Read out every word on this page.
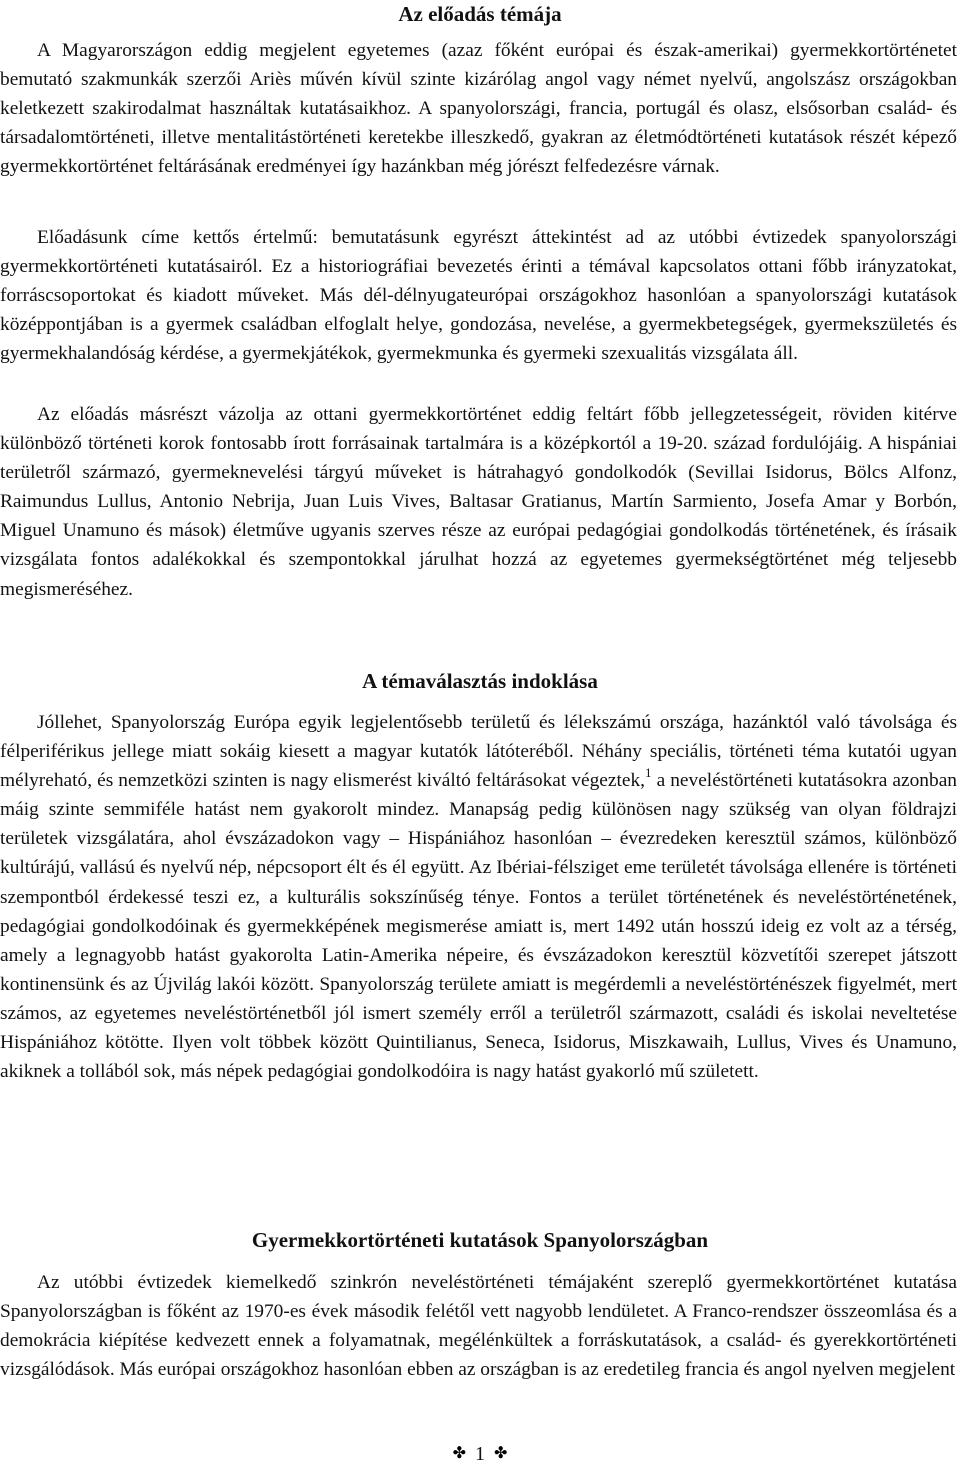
Az előadás témája

A Magyarországon eddig megjelent egyetemes (azaz főként európai és észak-amerikai) gyermekkortörténetet bemutató szakmunkák szerzői Ariès művén kívül szinte kizárólag angol vagy német nyelvű, angolszász országokban keletkezett szakirodalmat használtak kutatásaikhoz. A spanyolországi, francia, portugál és olasz, elsősorban család- és társadalomtörténeti, illetve mentalitástörténeti keretekbe illeszkedő, gyakran az életmódtörténeti kutatások részét képező gyermekkortörténet feltárásának eredményei így hazánkban még jórészt felfedezésre várnak.

Előadásunk címe kettős értelmű: bemutatásunk egyrészt áttekintést ad az utóbbi évtizedek spanyolországi gyermekkortörténeti kutatásairól. Ez a historiográfiai bevezetés érinti a témával kapcsolatos ottani főbb irányzatokat, forráscsoportokat és kiadott műveket. Más dél-délnyugateurópai országokhoz hasonlóan a spanyolországi kutatások középpontjában is a gyermek családban elfoglalt helye, gondozása, nevelése, a gyermekbetegségek, gyermekszületés és gyermekhalandóság kérdése, a gyermekjátékok, gyermekmunka és gyermeki szexualitás vizsgálata áll.

Az előadás másrészt vázolja az ottani gyermekkortörténet eddig feltárt főbb jellegzetességeit, röviden kitérve különböző történeti korok fontosabb írott forrásainak tartalmára is a középkortól a 19-20. század fordulójáig. A hispániai területről származó, gyermeknevelési tárgyú műveket is hátrahagyó gondolkodók (Sevillai Isidorus, Bölcs Alfonz, Raimundus Lullus, Antonio Nebrija, Juan Luis Vives, Baltasar Gratianus, Martín Sarmiento, Josefa Amar y Borbón, Miguel Unamuno és mások) életműve ugyanis szerves része az európai pedagógiai gondolkodás történetének, és írásaik vizsgálata fontos adalékokkal és szempontokkal járulhat hozzá az egyetemes gyermekségtörténet még teljesebb megismeréséhez.

A témaválasztás indoklása

Jóllehet, Spanyolország Európa egyik legjelentősebb területű és lélekszámú országa, hazánktól való távolsága és félperiférikus jellege miatt sokáig kiesett a magyar kutatók látóteréből. Néhány speciális, történeti téma kutatói ugyan mélyreható, és nemzetközi szinten is nagy elismerést kiváltó feltárásokat végeztek,$^1$ a neveléstörténeti kutatásokra azonban máig szinte semmiféle hatást nem gyakorolt mindez. Manapság pedig különösen nagy szükség van olyan földrajzi területek vizsgálatára, ahol évszázadokon vagy – Hispániához hasonlóan – évezredeken keresztül számos, különböző kultúrájú, vallású és nyelvű nép, népcsoport élt és él együtt. Az Ibériai-félsziget eme területét távolsága ellenére is történeti szempontból érdekessé teszi ez, a kulturális sokszínűség ténye. Fontos a terület történetének és neveléstörténetének, pedagógiai gondolkodóinak és gyermekképének megismerése amiatt is, mert 1492 után hosszú ideig ez volt az a térség, amely a legnagyobb hatást gyakorolta Latin-Amerika népeire, és évszázadokon keresztül közvetítői szerepet játszott kontinensünk és az Újvilág lakói között. Spanyolország területe amiatt is megérdemli a neveléstörténészek figyelmét, mert számos, az egyetemes neveléstörténetből jól ismert személy erről a területről származott, családi és iskolai neveltetése Hispániához kötötte. Ilyen volt többek között Quintilianus, Seneca, Isidorus, Miszkawaih, Lullus, Vives és Unamuno, akiknek a tollából sok, más népek pedagógiai gondolkodóira is nagy hatást gyakorló mű született.

Gyermekkortörténeti kutatások Spanyolországban

Az utóbbi évtizedek kiemelkedő szinkrón neveléstörténeti témájaként szereplő gyermekkortörténet kutatása Spanyolországban is főként az 1970-es évek második felétől vett nagyobb lendületet. A Franco-rendszer összeomlása és a demokrácia kiépítése kedvezett ennek a folyamatnak, megélénkültek a forráskutatások, a család- és gyerekkortörténeti vizsgálódások. Más európai országokhoz hasonlóan ebben az országban is az eredetileg francia és angol nyelven megjelent

✤ 1 ✤
